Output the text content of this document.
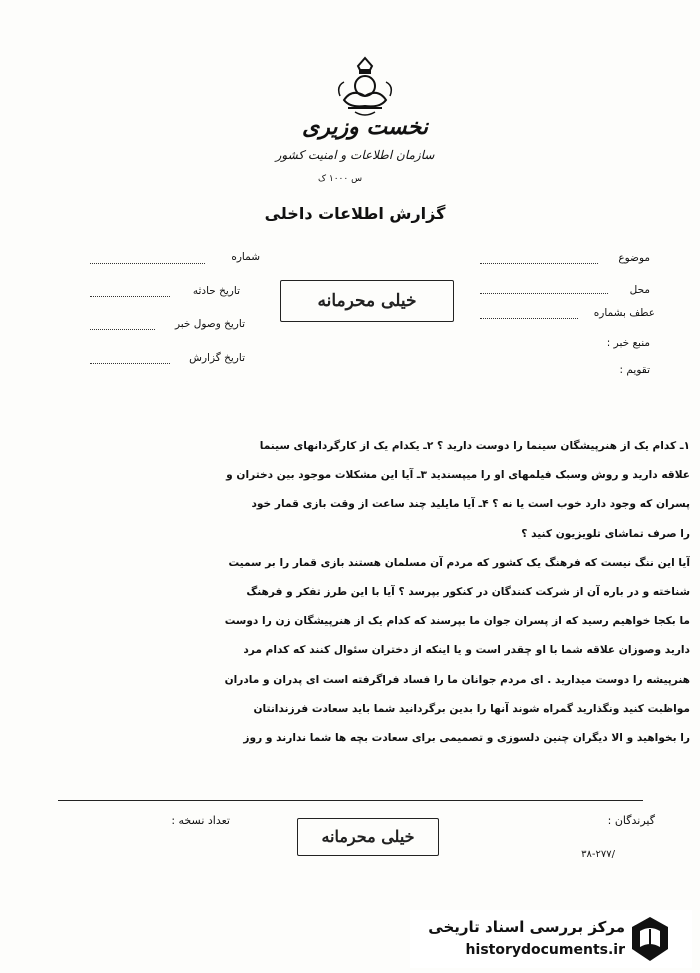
نخست وزیری
سازمان اطلاعات و امنیت کشور
س ۱۰۰۰ ک
گزارش اطلاعات داخلی
شماره
تاریخ حادثه
تاریخ وصول خبر
تاریخ گزارش
موضوع
محل
عطف بشماره
منبع خبر :
تقویم :
خیلی محرمانه

۱ـ کدام یک از هنرپیشگان سینما را دوست دارید ؟ ۲ـ یکدام یک از کارگردانهای سینما

علاقه دارید و روش وسبک فیلمهای او را میپسندید ۳ـ آیا این مشکلات موجود بین دختران و

پسران که وجود دارد خوب است یا نه ؟ ۴ـ آیا مایلید چند ساعت از وقت بازی قمار خود

را صرف تماشای تلویزیون کنید ؟

آیا این ننگ نیست که فرهنگ یک کشور که مردم آن مسلمان هستند بازی قمار را بر سمیت

شناخته و در باره آن از شرکت کنندگان در کنکور بپرسد ؟ آیا با این طرز تفکر و فرهنگ

ما بکجا خواهیم رسید که از پسران جوان ما بپرسند که کدام یک از هنرپیشگان زن را دوست

دارید وصوزان علاقه شما با او چقدر است و یا اینکه از دختران سئوال کنند که کدام مرد

هنرپیشه را دوست میدارید . ای مردم جوانان ما را فساد فراگرفته است ای پدران و مادران

مواظبت کنید ونگذارید گمراه شوند آنها را بدین برگردانید شما باید سعادت فرزندانتان

را بخواهید و الا دیگران چنین دلسوزی و تصمیمی برای سعادت بچه ها شما ندارند و روز

گیرندگان :
تعداد نسخه :
خیلی محرمانه
۳۸-۲۷۷/
مرکز بررسی اسناد تاریخی
historydocuments.ir
